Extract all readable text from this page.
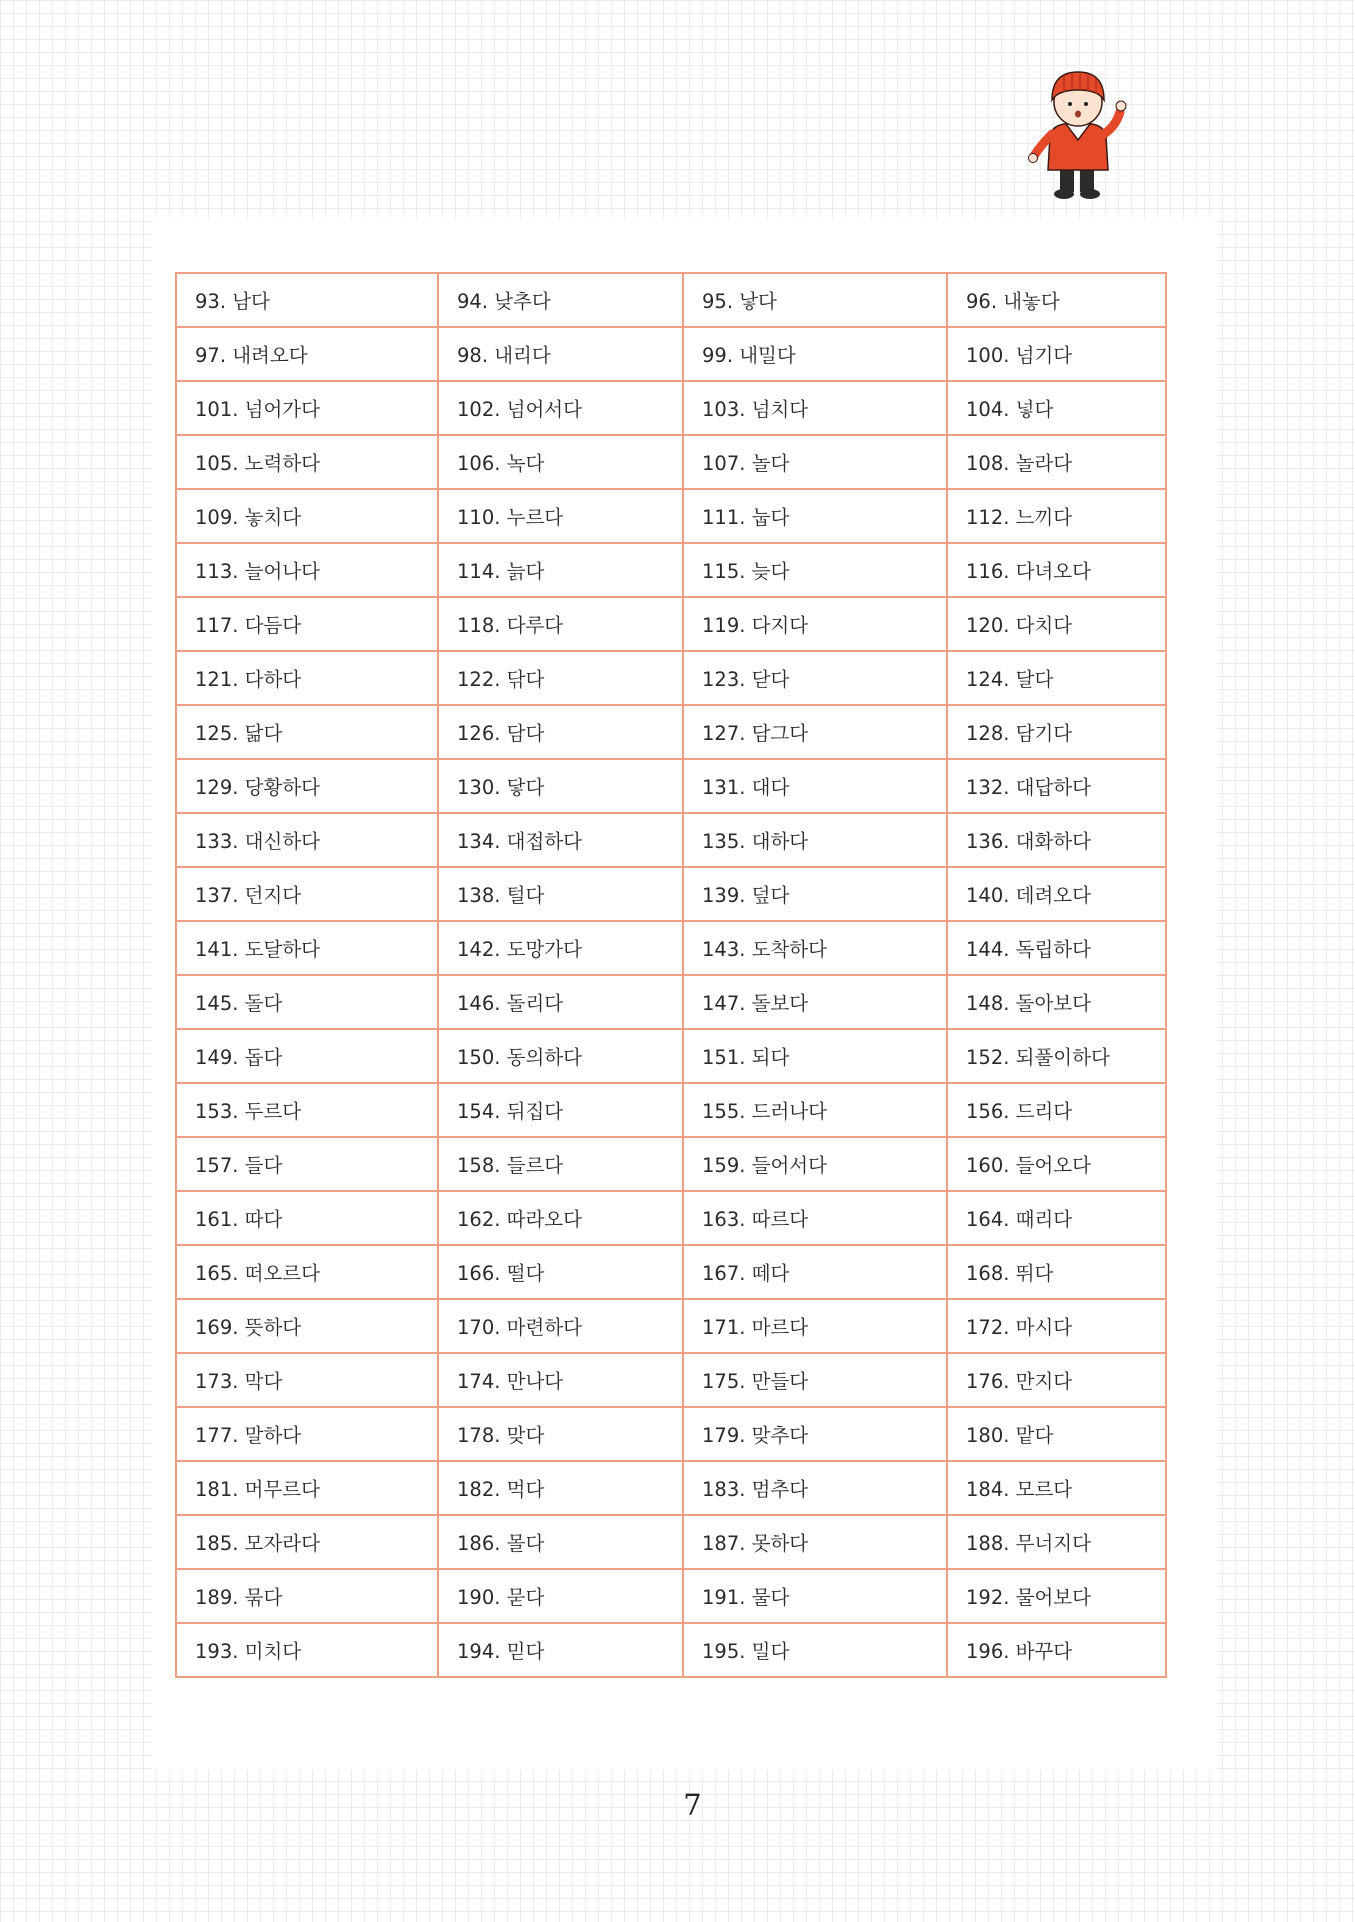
93. 남다	94. 낮추다	95. 낳다	96. 내놓다
97. 내려오다	98. 내리다	99. 내밀다	100. 넘기다
101. 넘어가다	102. 넘어서다	103. 넘치다	104. 넣다
105. 노력하다	106. 녹다	107. 놀다	108. 놀라다
109. 놓치다	110. 누르다	111. 눕다	112. 느끼다
113. 늘어나다	114. 늙다	115. 늦다	116. 다녀오다
117. 다듬다	118. 다루다	119. 다지다	120. 다치다
121. 다하다	122. 닦다	123. 닫다	124. 달다
125. 닮다	126. 담다	127. 담그다	128. 담기다
129. 당황하다	130. 닿다	131. 대다	132. 대답하다
133. 대신하다	134. 대접하다	135. 대하다	136. 대화하다
137. 던지다	138. 털다	139. 덮다	140. 데려오다
141. 도달하다	142. 도망가다	143. 도착하다	144. 독립하다
145. 돌다	146. 돌리다	147. 돌보다	148. 돌아보다
149. 돕다	150. 동의하다	151. 되다	152. 되풀이하다
153. 두르다	154. 뒤집다	155. 드러나다	156. 드리다
157. 들다	158. 들르다	159. 들어서다	160. 들어오다
161. 따다	162. 따라오다	163. 따르다	164. 때리다
165. 떠오르다	166. 떨다	167. 떼다	168. 뛰다
169. 뜻하다	170. 마련하다	171. 마르다	172. 마시다
173. 막다	174. 만나다	175. 만들다	176. 만지다
177. 말하다	178. 맞다	179. 맞추다	180. 맡다
181. 머무르다	182. 먹다	183. 멈추다	184. 모르다
185. 모자라다	186. 몰다	187. 못하다	188. 무너지다
189. 묶다	190. 묻다	191. 물다	192. 물어보다
193. 미치다	194. 믿다	195. 밀다	196. 바꾸다
7
